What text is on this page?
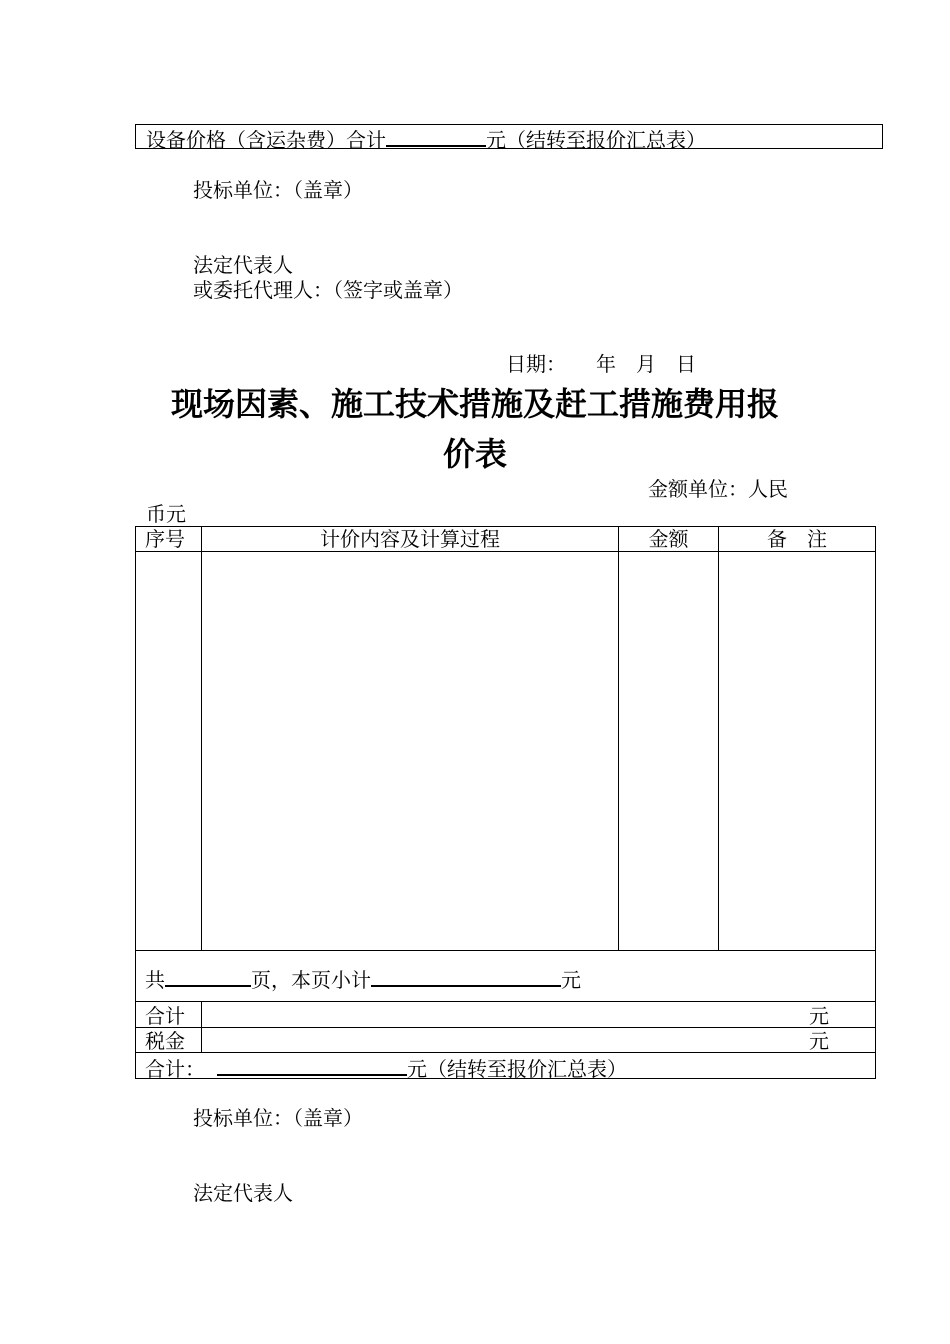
设备价格（含运杂费）合计	元（结转至报价汇总表）
投标单位：（盖章）
法定代表人
或委托代理人：（签字或盖章）
日期：　　年　月　日
现场因素、施工技术措施及赶工措施费用报
价表
金额单位：人民
币元
序号	计价内容及计算过程	金额	备　注
共	页，本页小计	元
合计	元
税金	元
合计：	元（结转至报价汇总表）
投标单位：（盖章）
法定代表人
